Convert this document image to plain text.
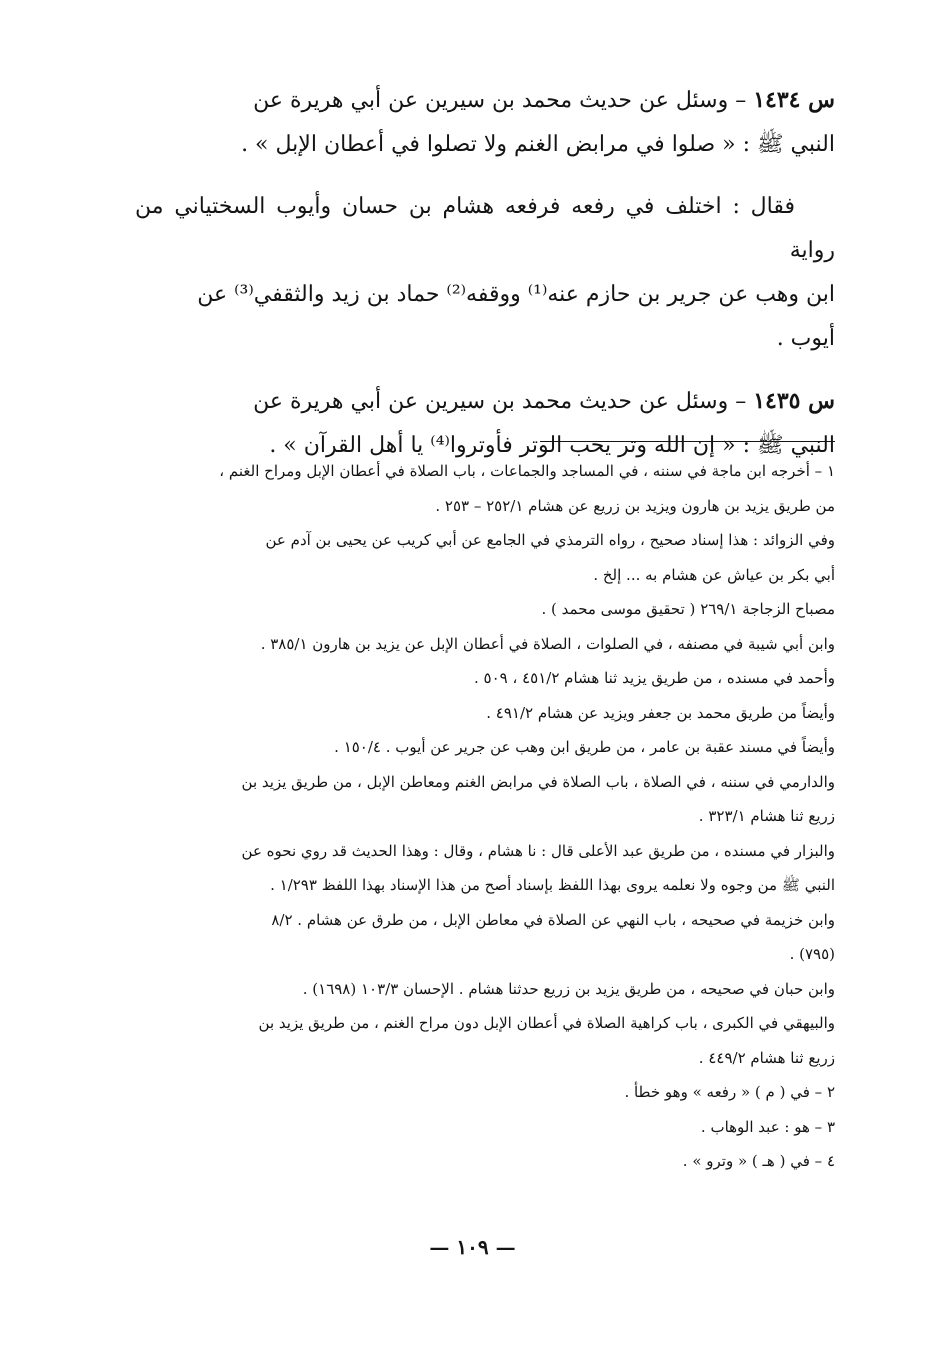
س ١٤٣٤ – وسئل عن حديث محمد بن سيرين عن أبي هريرة عن

النبي ﷺ : « صلوا في مرابض الغنم ولا تصلوا في أعطان الإبل » .

فقال : اختلف في رفعه فرفعه هشام بن حسان وأيوب السختياني من رواية

ابن وهب عن جرير بن حازم عنه⁽¹⁾ ووقفه⁽²⁾ حماد بن زيد والثقفي⁽³⁾ عن

أيوب .

س ١٤٣٥ – وسئل عن حديث محمد بن سيرين عن أبي هريرة عن

النبي ﷺ : « إن الله وتر يحب الوتر فأوتروا⁽⁴⁾ يا أهل القرآن » .

١ – أخرجه ابن ماجة في سننه ، في المساجد والجماعات ، باب الصلاة في أعطان الإبل ومراح الغنم ،

من طريق يزيد بن هارون ويزيد بن زريع عن هشام ٢٥٢/١ – ٢٥٣ .

وفي الزوائد : هذا إسناد صحيح ، رواه الترمذي في الجامع عن أبي كريب عن يحيى بن آدم عن

أبي بكر بن عياش عن هشام به ... إلخ .

مصباح الزجاجة ٢٦٩/١ ( تحقيق موسى محمد ) .

وابن أبي شيبة في مصنفه ، في الصلوات ، الصلاة في أعطان الإبل عن يزيد بن هارون ٣٨٥/١ .

وأحمد في مسنده ، من طريق يزيد ثنا هشام ٤٥١/٢ ، ٥٠٩ .

وأيضاً من طريق محمد بن جعفر ويزيد عن هشام ٤٩١/٢ .

وأيضاً في مسند عقبة بن عامر ، من طريق ابن وهب عن جرير عن أيوب . ١٥٠/٤ .

والدارمي في سننه ، في الصلاة ، باب الصلاة في مرابض الغنم ومعاطن الإبل ، من طريق يزيد بن

زريع ثنا هشام ٣٢٣/١ .

والبزار في مسنده ، من طريق عبد الأعلى قال : نا هشام ، وقال : وهذا الحديث قد روي نحوه عن

النبي ﷺ من وجوه ولا نعلمه يروى بهذا اللفظ بإسناد أصح من هذا الإسناد بهذا اللفظ ١/٢٩٣ .

وابن خزيمة في صحيحه ، باب النهي عن الصلاة في معاطن الإبل ، من طرق عن هشام . ٨/٢

(٧٩٥) .

وابن حبان في صحيحه ، من طريق يزيد بن زريع حدثنا هشام . الإحسان ١٠٣/٣ (١٦٩٨) .

والبيهقي في الكبرى ، باب كراهية الصلاة في أعطان الإبل دون مراح الغنم ، من طريق يزيد بن

زريع ثنا هشام ٤٤٩/٢ .

٢ – في ( م ) « رفعه » وهو خطأ .

٣ – هو : عبد الوهاب .

٤ – في ( هـ ) « وترو » .

— ١٠٩ —
